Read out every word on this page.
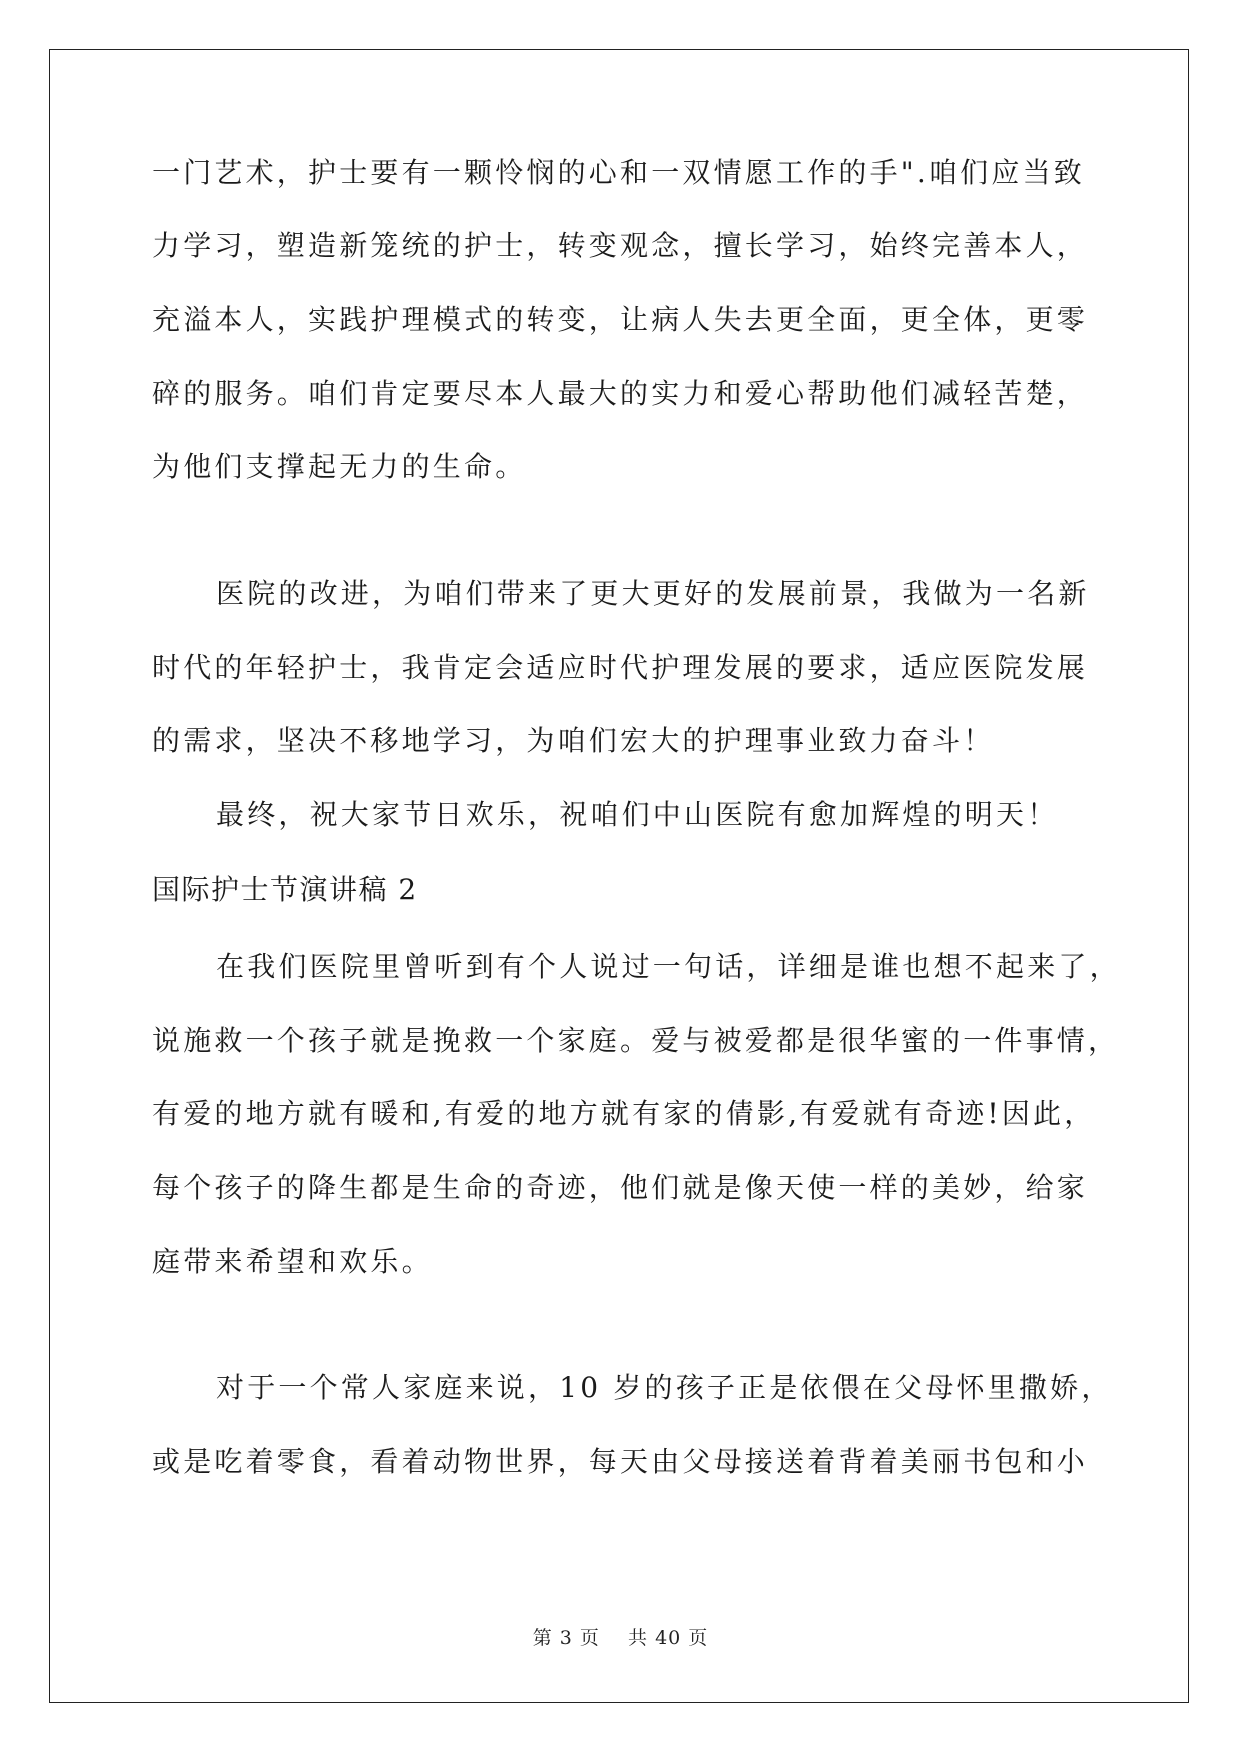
一门艺术，护士要有一颗怜悯的心和一双情愿工作的手".咱们应当致

力学习，塑造新笼统的护士，转变观念，擅长学习，始终完善本人，

充溢本人，实践护理模式的转变，让病人失去更全面，更全体，更零

碎的服务。咱们肯定要尽本人最大的实力和爱心帮助他们减轻苦楚，

为他们支撑起无力的生命。

医院的改进，为咱们带来了更大更好的发展前景，我做为一名新

时代的年轻护士，我肯定会适应时代护理发展的要求，适应医院发展

的需求，坚决不移地学习，为咱们宏大的护理事业致力奋斗！

最终，祝大家节日欢乐，祝咱们中山医院有愈加辉煌的明天！

国际护士节演讲稿 2

在我们医院里曾听到有个人说过一句话，详细是谁也想不起来了，

说施救一个孩子就是挽救一个家庭。爱与被爱都是很华蜜的一件事情，

有爱的地方就有暖和,有爱的地方就有家的倩影,有爱就有奇迹!因此，

每个孩子的降生都是生命的奇迹，他们就是像天使一样的美妙，给家

庭带来希望和欢乐。

对于一个常人家庭来说，10 岁的孩子正是依偎在父母怀里撒娇，

或是吃着零食，看着动物世界，每天由父母接送着背着美丽书包和小

第 3 页    共 40 页
